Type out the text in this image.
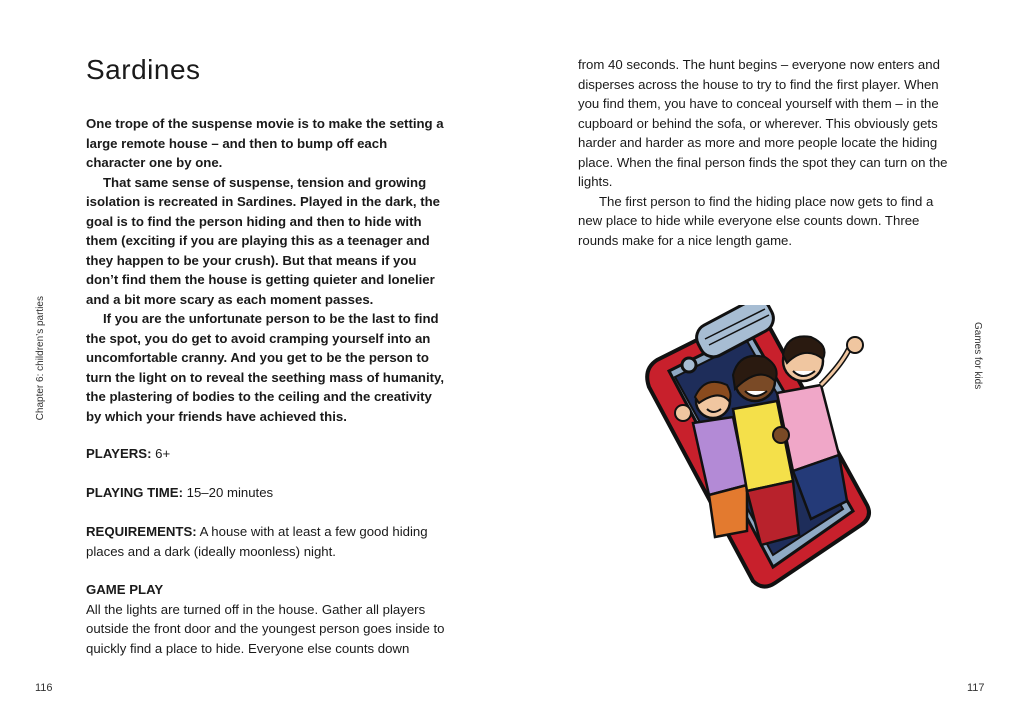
Sardines

One trope of the suspense movie is to make the setting a large remote house – and then to bump off each character one by one.

That same sense of suspense, tension and growing isolation is recreated in Sardines. Played in the dark, the goal is to find the person hiding and then to hide with them (exciting if you are playing this as a teenager and they happen to be your crush). But that means if you don’t find them the house is getting quieter and lonelier and a bit more scary as each moment passes.

If you are the unfortunate person to be the last to find the spot, you do get to avoid cramping yourself into an uncomfortable cranny. And you get to be the person to turn the light on to reveal the seething mass of humanity, the plastering of bodies to the ceiling and the creativity by which your friends have achieved this.

PLAYERS: 6+

PLAYING TIME: 15–20 minutes

REQUIREMENTS: A house with at least a few good hiding places and a dark (ideally moonless) night.

GAME PLAY

All the lights are turned off in the house. Gather all players outside the front door and the youngest person goes inside to quickly find a place to hide. Everyone else counts down

Chapter 6: children’s parties
116

from 40 seconds. The hunt begins – everyone now enters and disperses across the house to try to find the first player. When you find them, you have to conceal yourself with them – in the cupboard or behind the sofa, or wherever. This obviously gets harder and harder as more and more people locate the hiding place. When the final person finds the spot they can turn on the lights.

The first person to find the hiding place now gets to find a new place to hide while everyone else counts down. Three rounds make for a nice length game.

Games for kids
117
